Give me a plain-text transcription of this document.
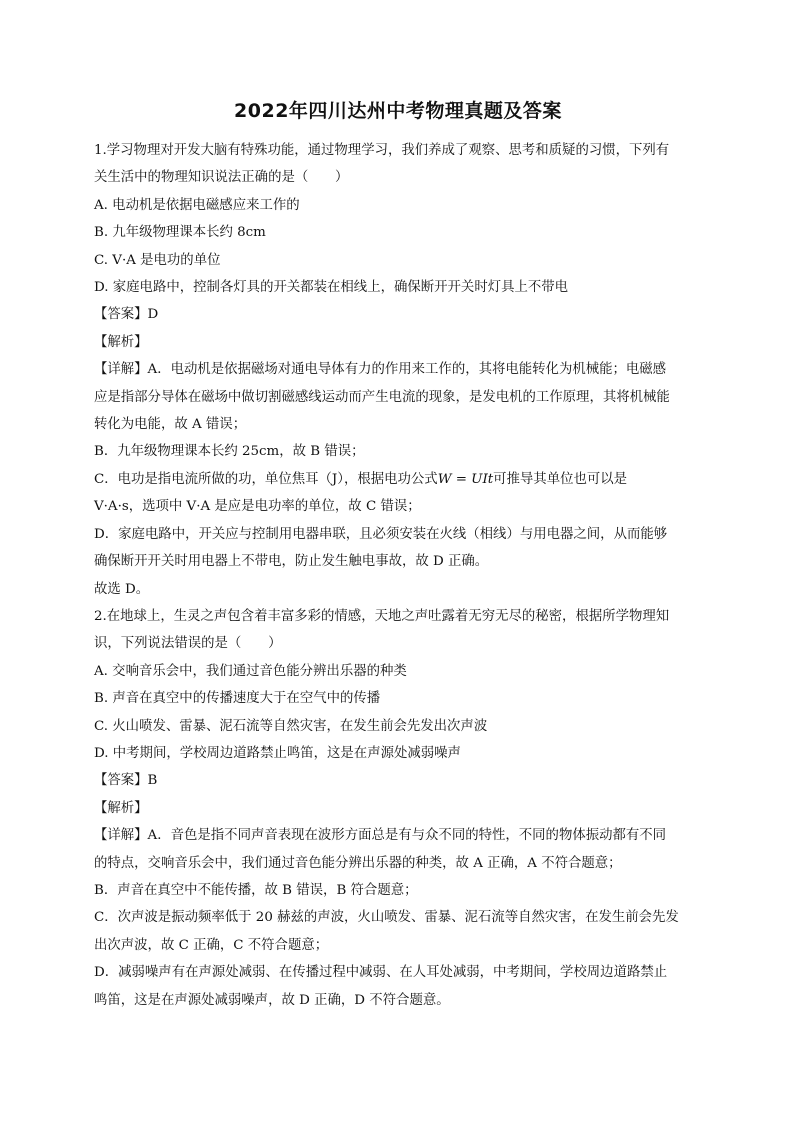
2022年四川达州中考物理真题及答案

1.学习物理对开发大脑有特殊功能，通过物理学习，我们养成了观察、思考和质疑的习惯，下列有

关生活中的物理知识说法正确的是（　　）

A. 电动机是依据电磁感应来工作的

B. 九年级物理课本长约 8cm

C. V·A 是电功的单位

D. 家庭电路中，控制各灯具的开关都装在相线上，确保断开开关时灯具上不带电

【答案】D

【解析】

【详解】A．电动机是依据磁场对通电导体有力的作用来工作的，其将电能转化为机械能；电磁感

应是指部分导体在磁场中做切割磁感线运动而产生电流的现象，是发电机的工作原理，其将机械能

转化为电能，故 A 错误；

B．九年级物理课本长约 25cm，故 B 错误；

C．电功是指电流所做的功，单位焦耳（J），根据电功公式W = UIt可推导其单位也可以是

V·A·s，选项中 V·A 是应是电功率的单位，故 C 错误；

D．家庭电路中，开关应与控制用电器串联，且必须安装在火线（相线）与用电器之间，从而能够

确保断开开关时用电器上不带电，防止发生触电事故，故 D 正确。

故选 D。

2.在地球上，生灵之声包含着丰富多彩的情感，天地之声吐露着无穷无尽的秘密，根据所学物理知

识，下列说法错误的是（　　）

A. 交响音乐会中，我们通过音色能分辨出乐器的种类

B. 声音在真空中的传播速度大于在空气中的传播

C. 火山喷发、雷暴、泥石流等自然灾害，在发生前会先发出次声波

D. 中考期间，学校周边道路禁止鸣笛，这是在声源处减弱噪声

【答案】B

【解析】

【详解】A．音色是指不同声音表现在波形方面总是有与众不同的特性，不同的物体振动都有不同

的特点，交响音乐会中，我们通过音色能分辨出乐器的种类，故 A 正确，A 不符合题意；

B．声音在真空中不能传播，故 B 错误，B 符合题意；

C．次声波是振动频率低于 20 赫兹的声波，火山喷发、雷暴、泥石流等自然灾害，在发生前会先发

出次声波，故 C 正确，C 不符合题意；

D．减弱噪声有在声源处减弱、在传播过程中减弱、在人耳处减弱，中考期间，学校周边道路禁止

鸣笛，这是在声源处减弱噪声，故 D 正确，D 不符合题意。
